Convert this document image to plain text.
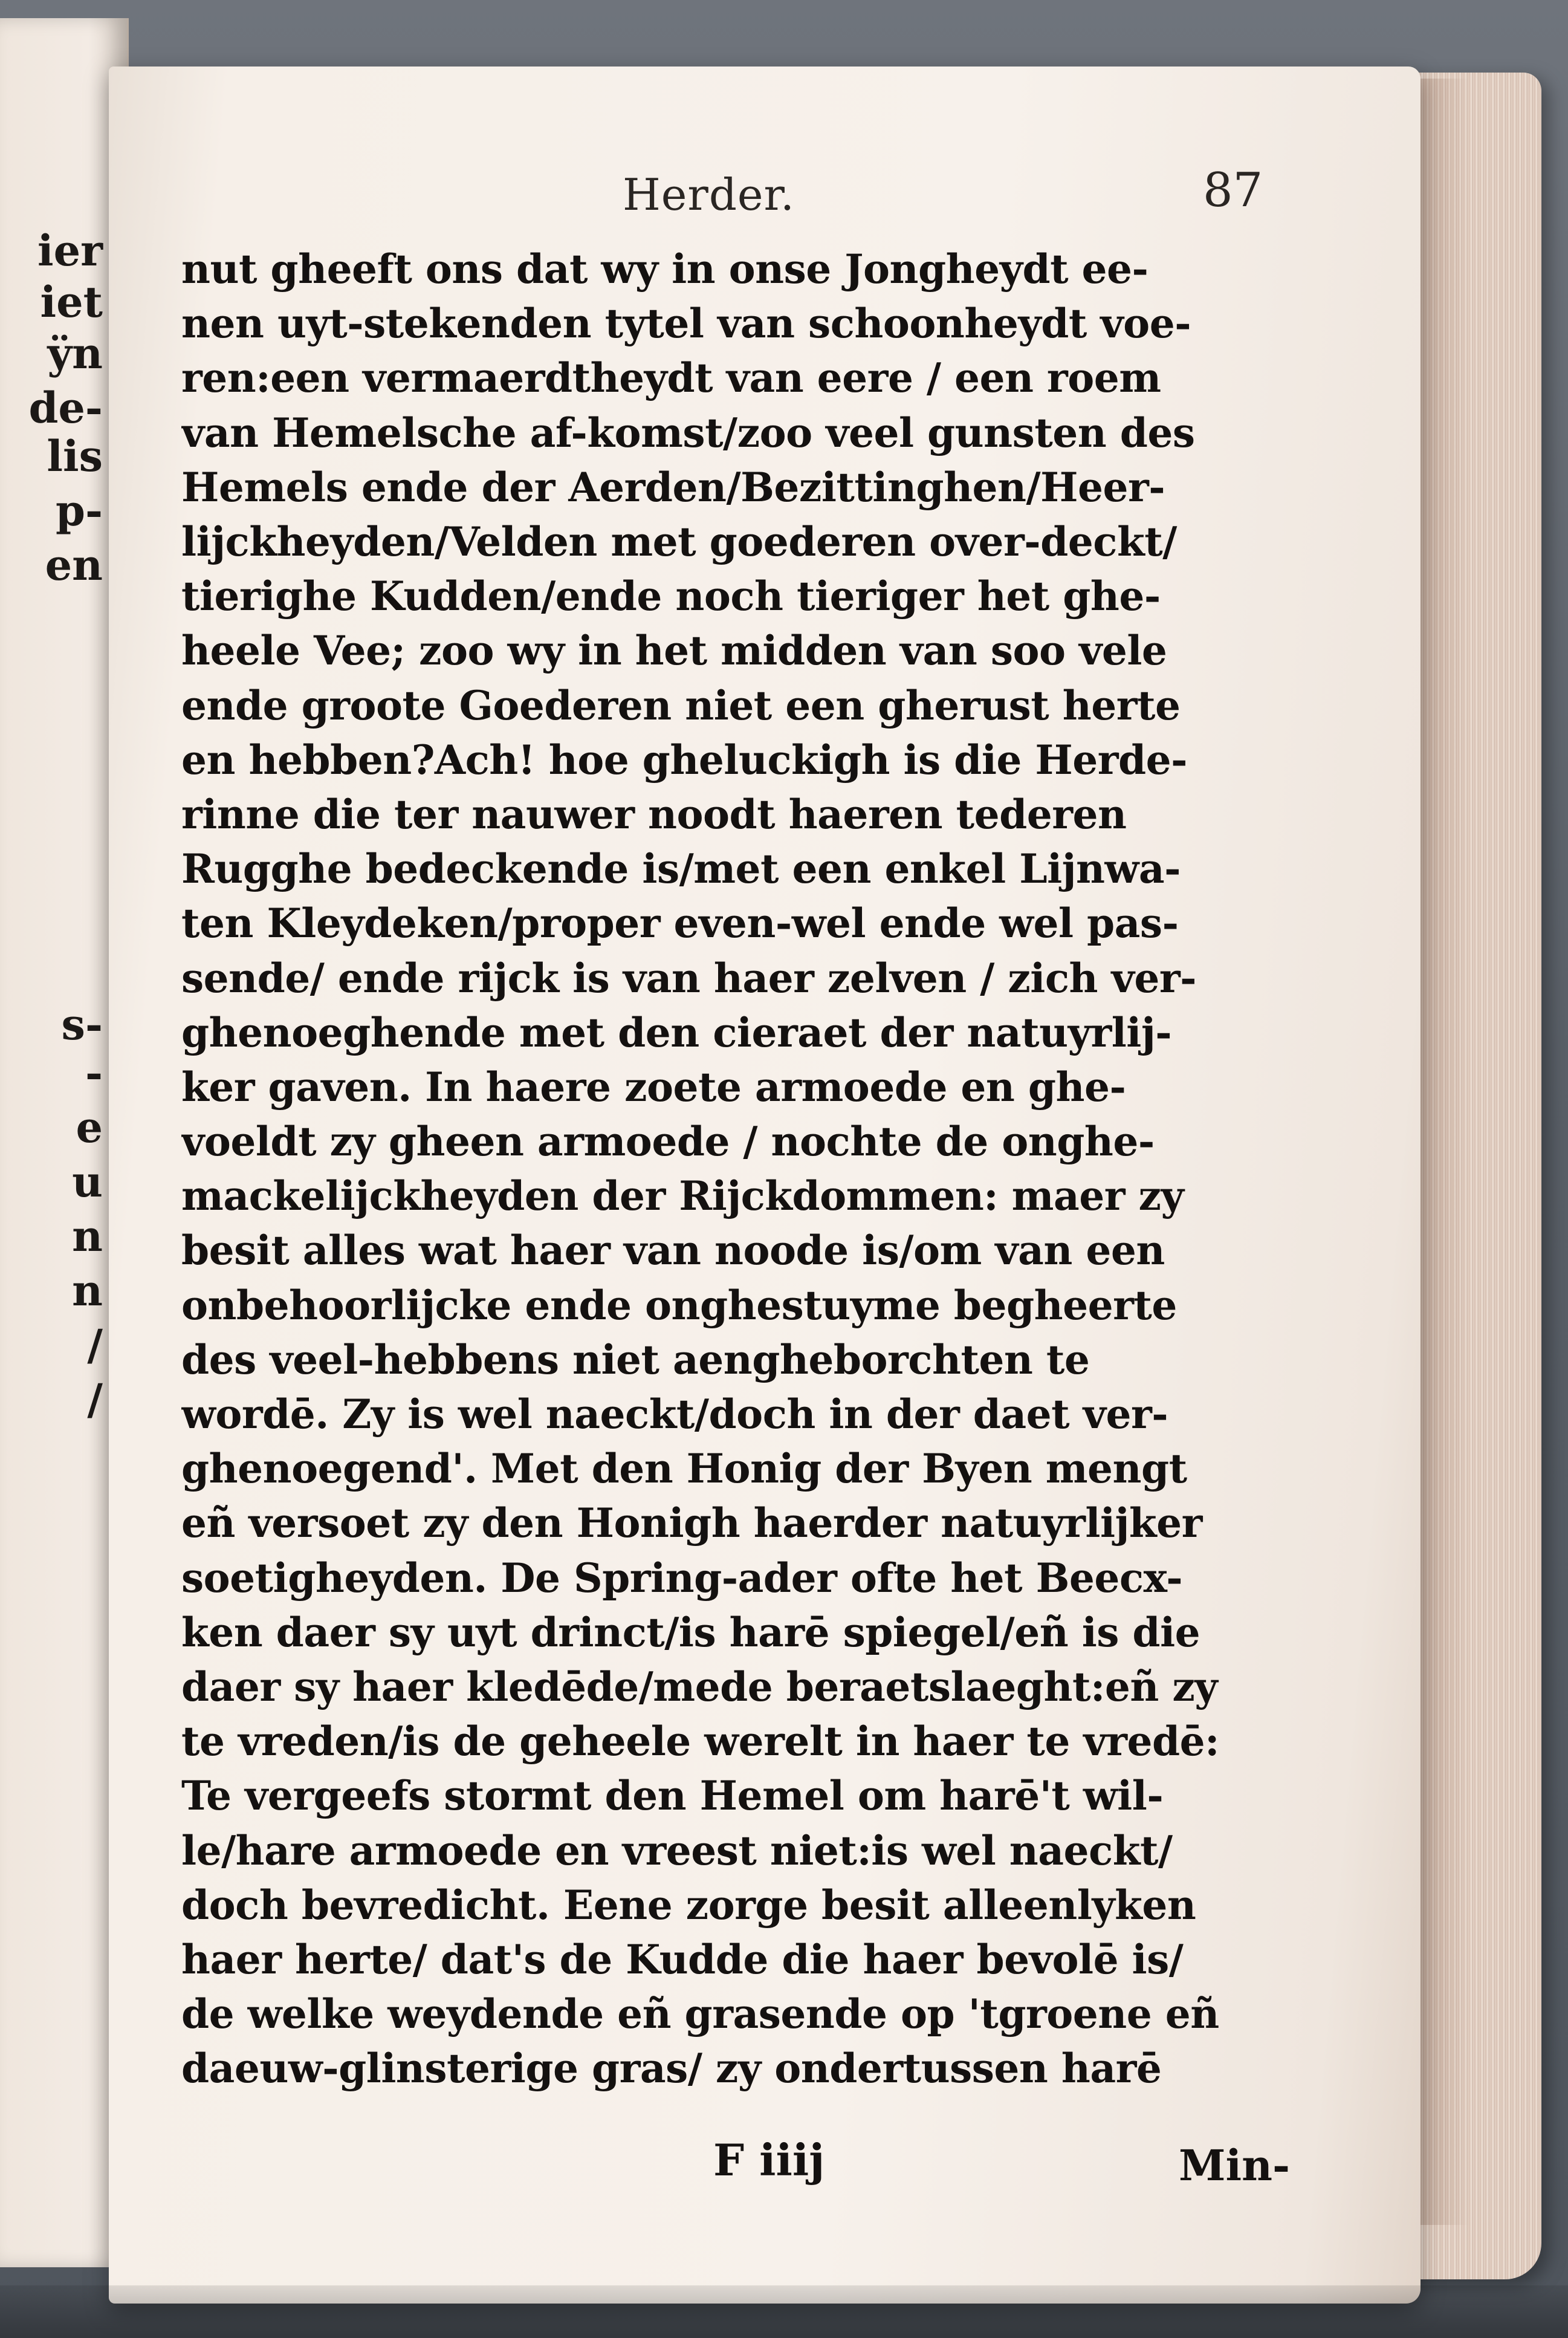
ier
iet
ÿn
de-
lis
p-
en
s-
-
e
u
n
n
/
/
Herder.	87
nut gheeft ons dat wy in onse Jongheydt ee-
nen uyt-stekenden tytel van schoonheydt voe-
ren:een vermaerdtheydt van eere / een roem
van Hemelsche af-komst/zoo veel gunsten des
Hemels ende der Aerden/Bezittinghen/Heer-
lijckheyden/Velden met goederen over-deckt/
tierighe Kudden/ende noch tieriger het ghe-
heele Vee; zoo wy in het midden van soo vele
ende groote Goederen niet een gherust herte
en hebben?Ach! hoe gheluckigh is die Herde-
rinne die ter nauwer noodt haeren tederen
Rugghe bedeckende is/met een enkel Lijnwa-
ten Kleydeken/proper even-wel ende wel pas-
sende/ ende rijck is van haer zelven / zich ver-
ghenoeghende met den cieraet der natuyrlij-
ker gaven. In haere zoete armoede en ghe-
voeldt zy gheen armoede / nochte de onghe-
mackelijckheyden der Rijckdommen: maer zy
besit alles wat haer van noode is/om van een
onbehoorlijcke ende onghestuyme begheerte
des veel-hebbens niet aengheborchten te
wordē. Zy is wel naeckt/doch in der daet ver-
ghenoegend'. Met den Honig der Byen mengt
eñ versoet zy den Honigh haerder natuyrlijker
soetigheyden. De Spring-ader ofte het Beecx-
ken daer sy uyt drinct/is harē spiegel/eñ is die
daer sy haer kledēde/mede beraetslaeght:eñ zy
te vreden/is de geheele werelt in haer te vredē:
Te vergeefs stormt den Hemel om harē't wil-
le/hare armoede en vreest niet:is wel naeckt/
doch bevredicht. Eene zorge besit alleenlyken
haer herte/ dat's de Kudde die haer bevolē is/
de welke weydende eñ grasende op 'tgroene eñ
daeuw-glinsterige gras/ zy ondertussen harē
F iiij	Min-
